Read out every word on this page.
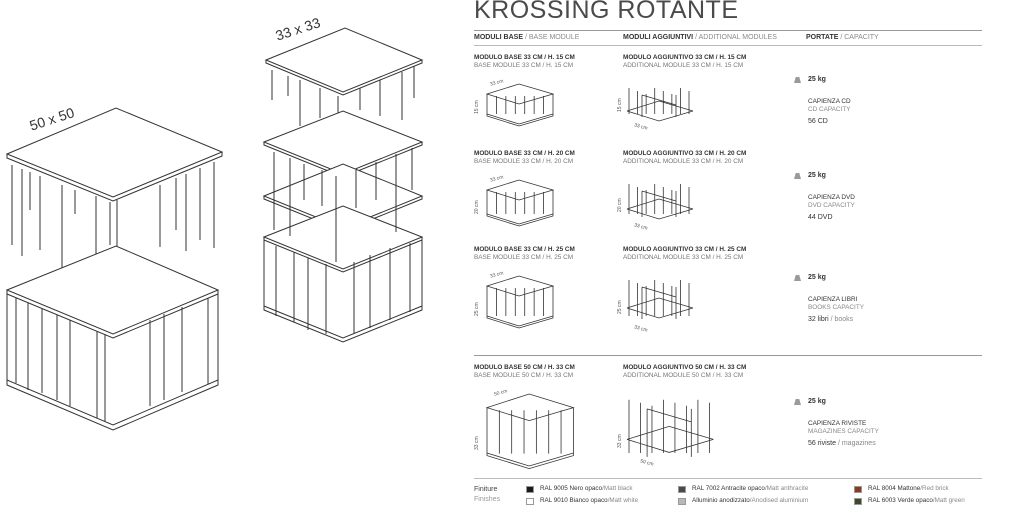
50 x 50
33 x 33
KROSSING ROTANTE
MODULI BASE / BASE MODULE	MODULI AGGIUNTIVI / ADDITIONAL MODULES	PORTATE / CAPACITY
MODULO BASE 33 CM / H. 15 CM
BASE MODULE 33 CM / H. 15 CM
MODULO AGGIUNTIVO 33 CM / H. 15 CM
ADDITIONAL MODULE 33 CM / H. 15 CM
33 cm
15 cm
33 cm
15 cm
25 kg
CAPIENZA CD
CD CAPACITY
56 CD
MODULO BASE 33 CM / H. 20 CM
BASE MODULE 33 CM / H. 20 CM
MODULO AGGIUNTIVO 33 CM / H. 20 CM
ADDITIONAL MODULE 33 CM / H. 20 CM
33 cm
20 cm
33 cm
20 cm
25 kg
CAPIENZA DVD
DVD CAPACITY
44 DVD
MODULO BASE 33 CM / H. 25 CM
BASE MODULE 33 CM / H. 25 CM
MODULO AGGIUNTIVO 33 CM / H. 25 CM
ADDITIONAL MODULE 33 CM / H. 25 CM
33 cm
25 cm
33 cm
25 cm
25 kg
CAPIENZA LIBRI
BOOKS CAPACITY
32 libri / books
MODULO BASE 50 CM / H. 33 CM
BASE MODULE 50 CM / H. 33 CM
MODULO AGGIUNTIVO 50 CM / H. 33 CM
ADDITIONAL MODULE 50 CM / H. 33 CM
50 cm
33 cm
50 cm
33 cm
25 kg
CAPIENZA RIVISTE
MAGAZINES CAPACITY
56 riviste / magazines
Finiture
Finishes
RAL 9005 Nero opaco/Matt black
RAL 9010 Bianco opaco/Matt white
RAL 7002 Antracite opaco/Matt anthracite
Alluminio anodizzato/Anodised aluminium
RAL 8004 Mattone/Red brick
RAL 6003 Verde opaco/Matt green
